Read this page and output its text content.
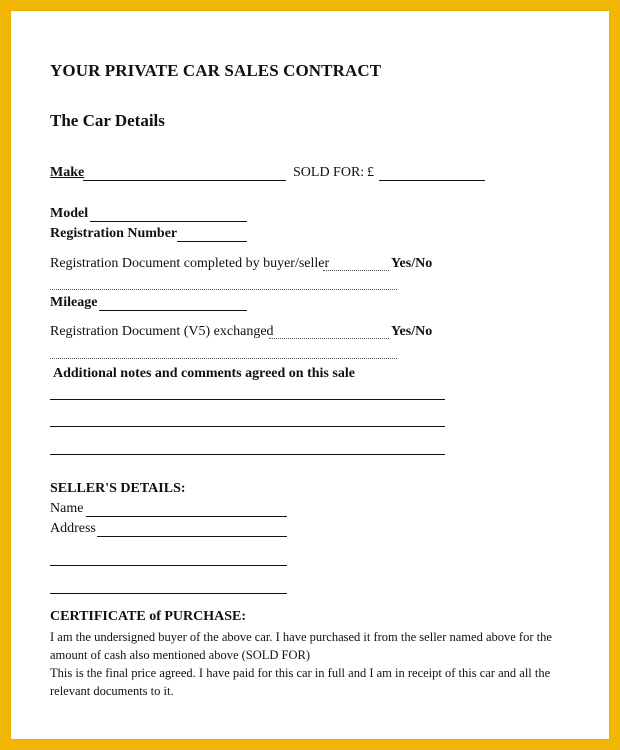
YOUR PRIVATE CAR SALES CONTRACT
The Car Details
Make	SOLD FOR: £
Model
Registration Number
Registration Document completed by buyer/seller	Yes/No
Mileage
Registration Document (V5) exchanged	Yes/No
Additional notes and comments agreed on this sale
SELLER'S DETAILS:
Name
Address
CERTIFICATE of PURCHASE:
I am the undersigned buyer of the above car. I have purchased it from the seller named above for the amount of cash also mentioned above (SOLD FOR)
This is the final price agreed. I have paid for this car in full and I am in receipt of this car and all the relevant documents to it.
